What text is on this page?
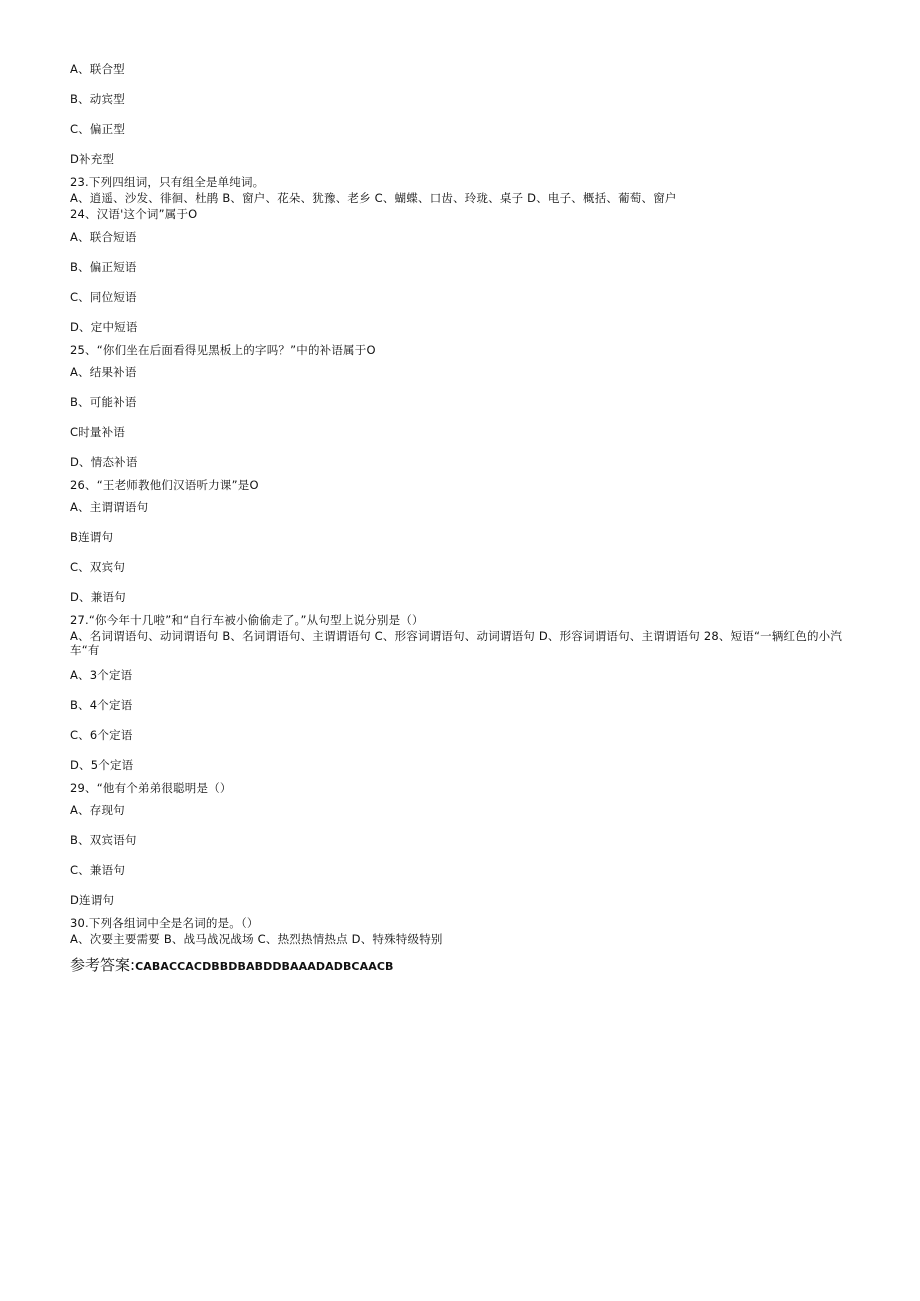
A、联合型
B、动宾型
C、偏正型
D补充型
23.下列四组词，只有组全是单纯词。
A、逍遥、沙发、徘徊、杜鹃 B、窗户、花朵、犹豫、老乡 C、蝴蝶、口齿、玲珑、桌子 D、电子、概括、葡萄、窗户
24、汉语'这个词”属于O
A、联合短语
B、偏正短语
C、同位短语
D、定中短语
25、“你们坐在后面看得见黑板上的字吗？”中的补语属于O
A、结果补语
B、可能补语
C时量补语
D、情态补语
26、“王老师教他们汉语听力课”是O
A、主谓谓语句
B连谓句
C、双宾句
D、兼语句
27.“你今年十几啦”和“自行车被小偷偷走了。”从句型上说分别是（）
A、名词谓语句、动词谓语句 B、名词谓语句、主谓谓语句 C、形容词谓语句、动词谓语句 D、形容词谓语句、主谓谓语句 28、短语“一辆红色的小汽车“有
A、3个定语
B、4个定语
C、6个定语
D、5个定语
29、“他有个弟弟很聪明是（）
A、存现句
B、双宾语句
C、兼语句
D连谓句
30.下列各组词中全是名词的是。（）
A、次要主要需要 B、战马战况战场 C、热烈热情热点 D、特殊特级特别
参考答案:CABACCACDBBDBABDDBAAADADBCAACB
